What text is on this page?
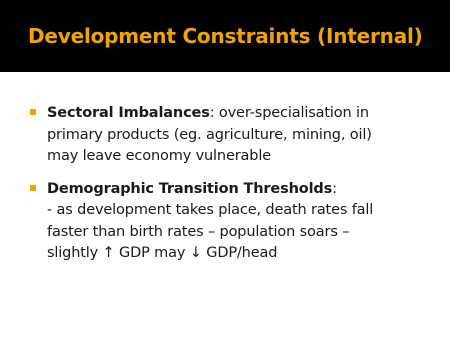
Development Constraints (Internal)
Sectoral Imbalances: over-specialisation in
primary products (eg. agriculture, mining, oil)
may leave economy vulnerable
Demographic Transition Thresholds:
- as development takes place, death rates fall
faster than birth rates – population soars –
slightly ↑ GDP may ↓ GDP/head
